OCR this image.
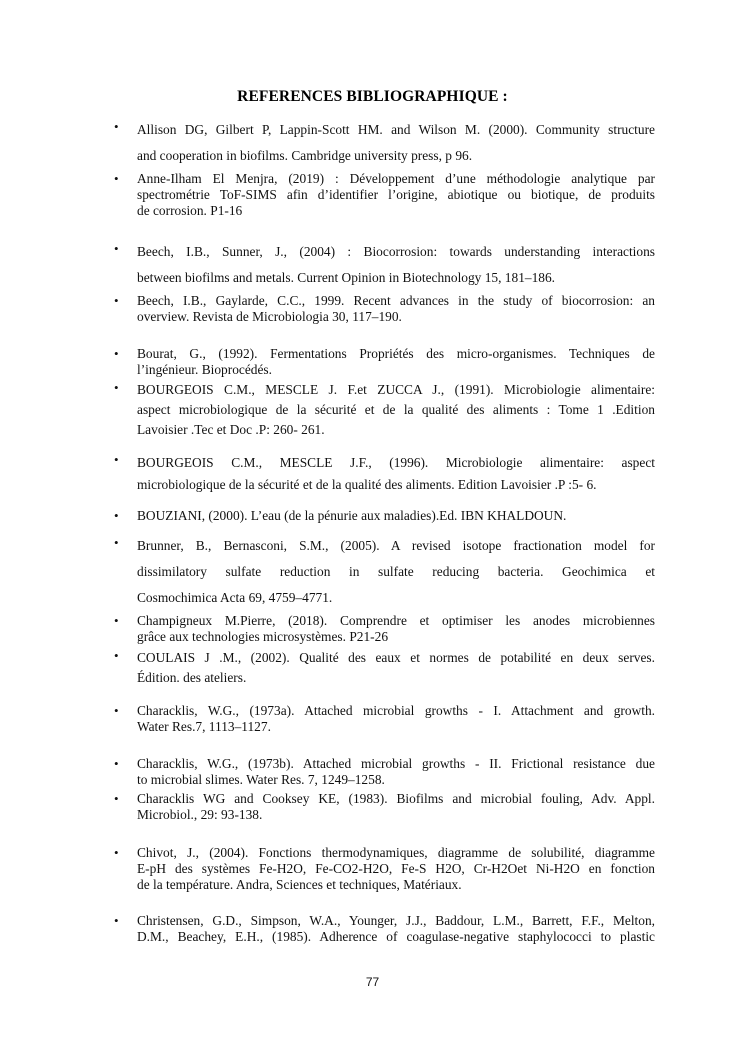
REFERENCES BIBLIOGRAPHIQUE :
• Allison DG, Gilbert P, Lappin-Scott HM. and Wilson M. (2000). Community structure
and cooperation in biofilms. Cambridge university press, p 96.
• Anne-Ilham El Menjra, (2019) : Développement d’une méthodologie analytique par
spectrométrie ToF-SIMS afin d’identifier l’origine, abiotique ou biotique, de produits
de corrosion. P1-16
• Beech, I.B., Sunner, J., (2004) : Biocorrosion: towards understanding interactions
between biofilms and metals. Current Opinion in Biotechnology 15, 181–186.
• Beech, I.B., Gaylarde, C.C., 1999. Recent advances in the study of biocorrosion: an
overview. Revista de Microbiologia 30, 117–190.
• Bourat, G., (1992). Fermentations Propriétés des micro-organismes. Techniques de
l’ingénieur. Bioprocédés.
• BOURGEOIS C.M., MESCLE J. F.et ZUCCA J., (1991). Microbiologie alimentaire:
aspect microbiologique de la sécurité et de la qualité des aliments : Tome 1 .Edition
Lavoisier .Tec et Doc .P: 260- 261.
• BOURGEOIS C.M., MESCLE J.F., (1996). Microbiologie alimentaire: aspect
microbiologique de la sécurité et de la qualité des aliments. Edition Lavoisier .P :5- 6.
• BOUZIANI, (2000). L’eau (de la pénurie aux maladies).Ed. IBN KHALDOUN.
• Brunner, B., Bernasconi, S.M., (2005). A revised isotope fractionation model for
dissimilatory sulfate reduction in sulfate reducing bacteria. Geochimica et
Cosmochimica Acta 69, 4759–4771.
• Champigneux M.Pierre, (2018). Comprendre et optimiser les anodes microbiennes
grâce aux technologies microsystèmes. P21-26
• COULAIS J .M., (2002). Qualité des eaux et normes de potabilité en deux serves.
Édition. des ateliers.
• Characklis, W.G., (1973a). Attached microbial growths - I. Attachment and growth.
Water Res.7, 1113–1127.
• Characklis, W.G., (1973b). Attached microbial growths - II. Frictional resistance due
to microbial slimes. Water Res. 7, 1249–1258.
• Characklis WG and Cooksey KE, (1983). Biofilms and microbial fouling, Adv. Appl.
Microbiol., 29: 93-138.
• Chivot, J., (2004). Fonctions thermodynamiques, diagramme de solubilité, diagramme
E-pH des systèmes Fe-H2O, Fe-CO2-H2O, Fe-S H2O, Cr-H2Oet Ni-H2O en fonction
de la température. Andra, Sciences et techniques, Matériaux.
• Christensen, G.D., Simpson, W.A., Younger, J.J., Baddour, L.M., Barrett, F.F., Melton,
D.M., Beachey, E.H., (1985). Adherence of coagulase-negative staphylococci to plastic
77
